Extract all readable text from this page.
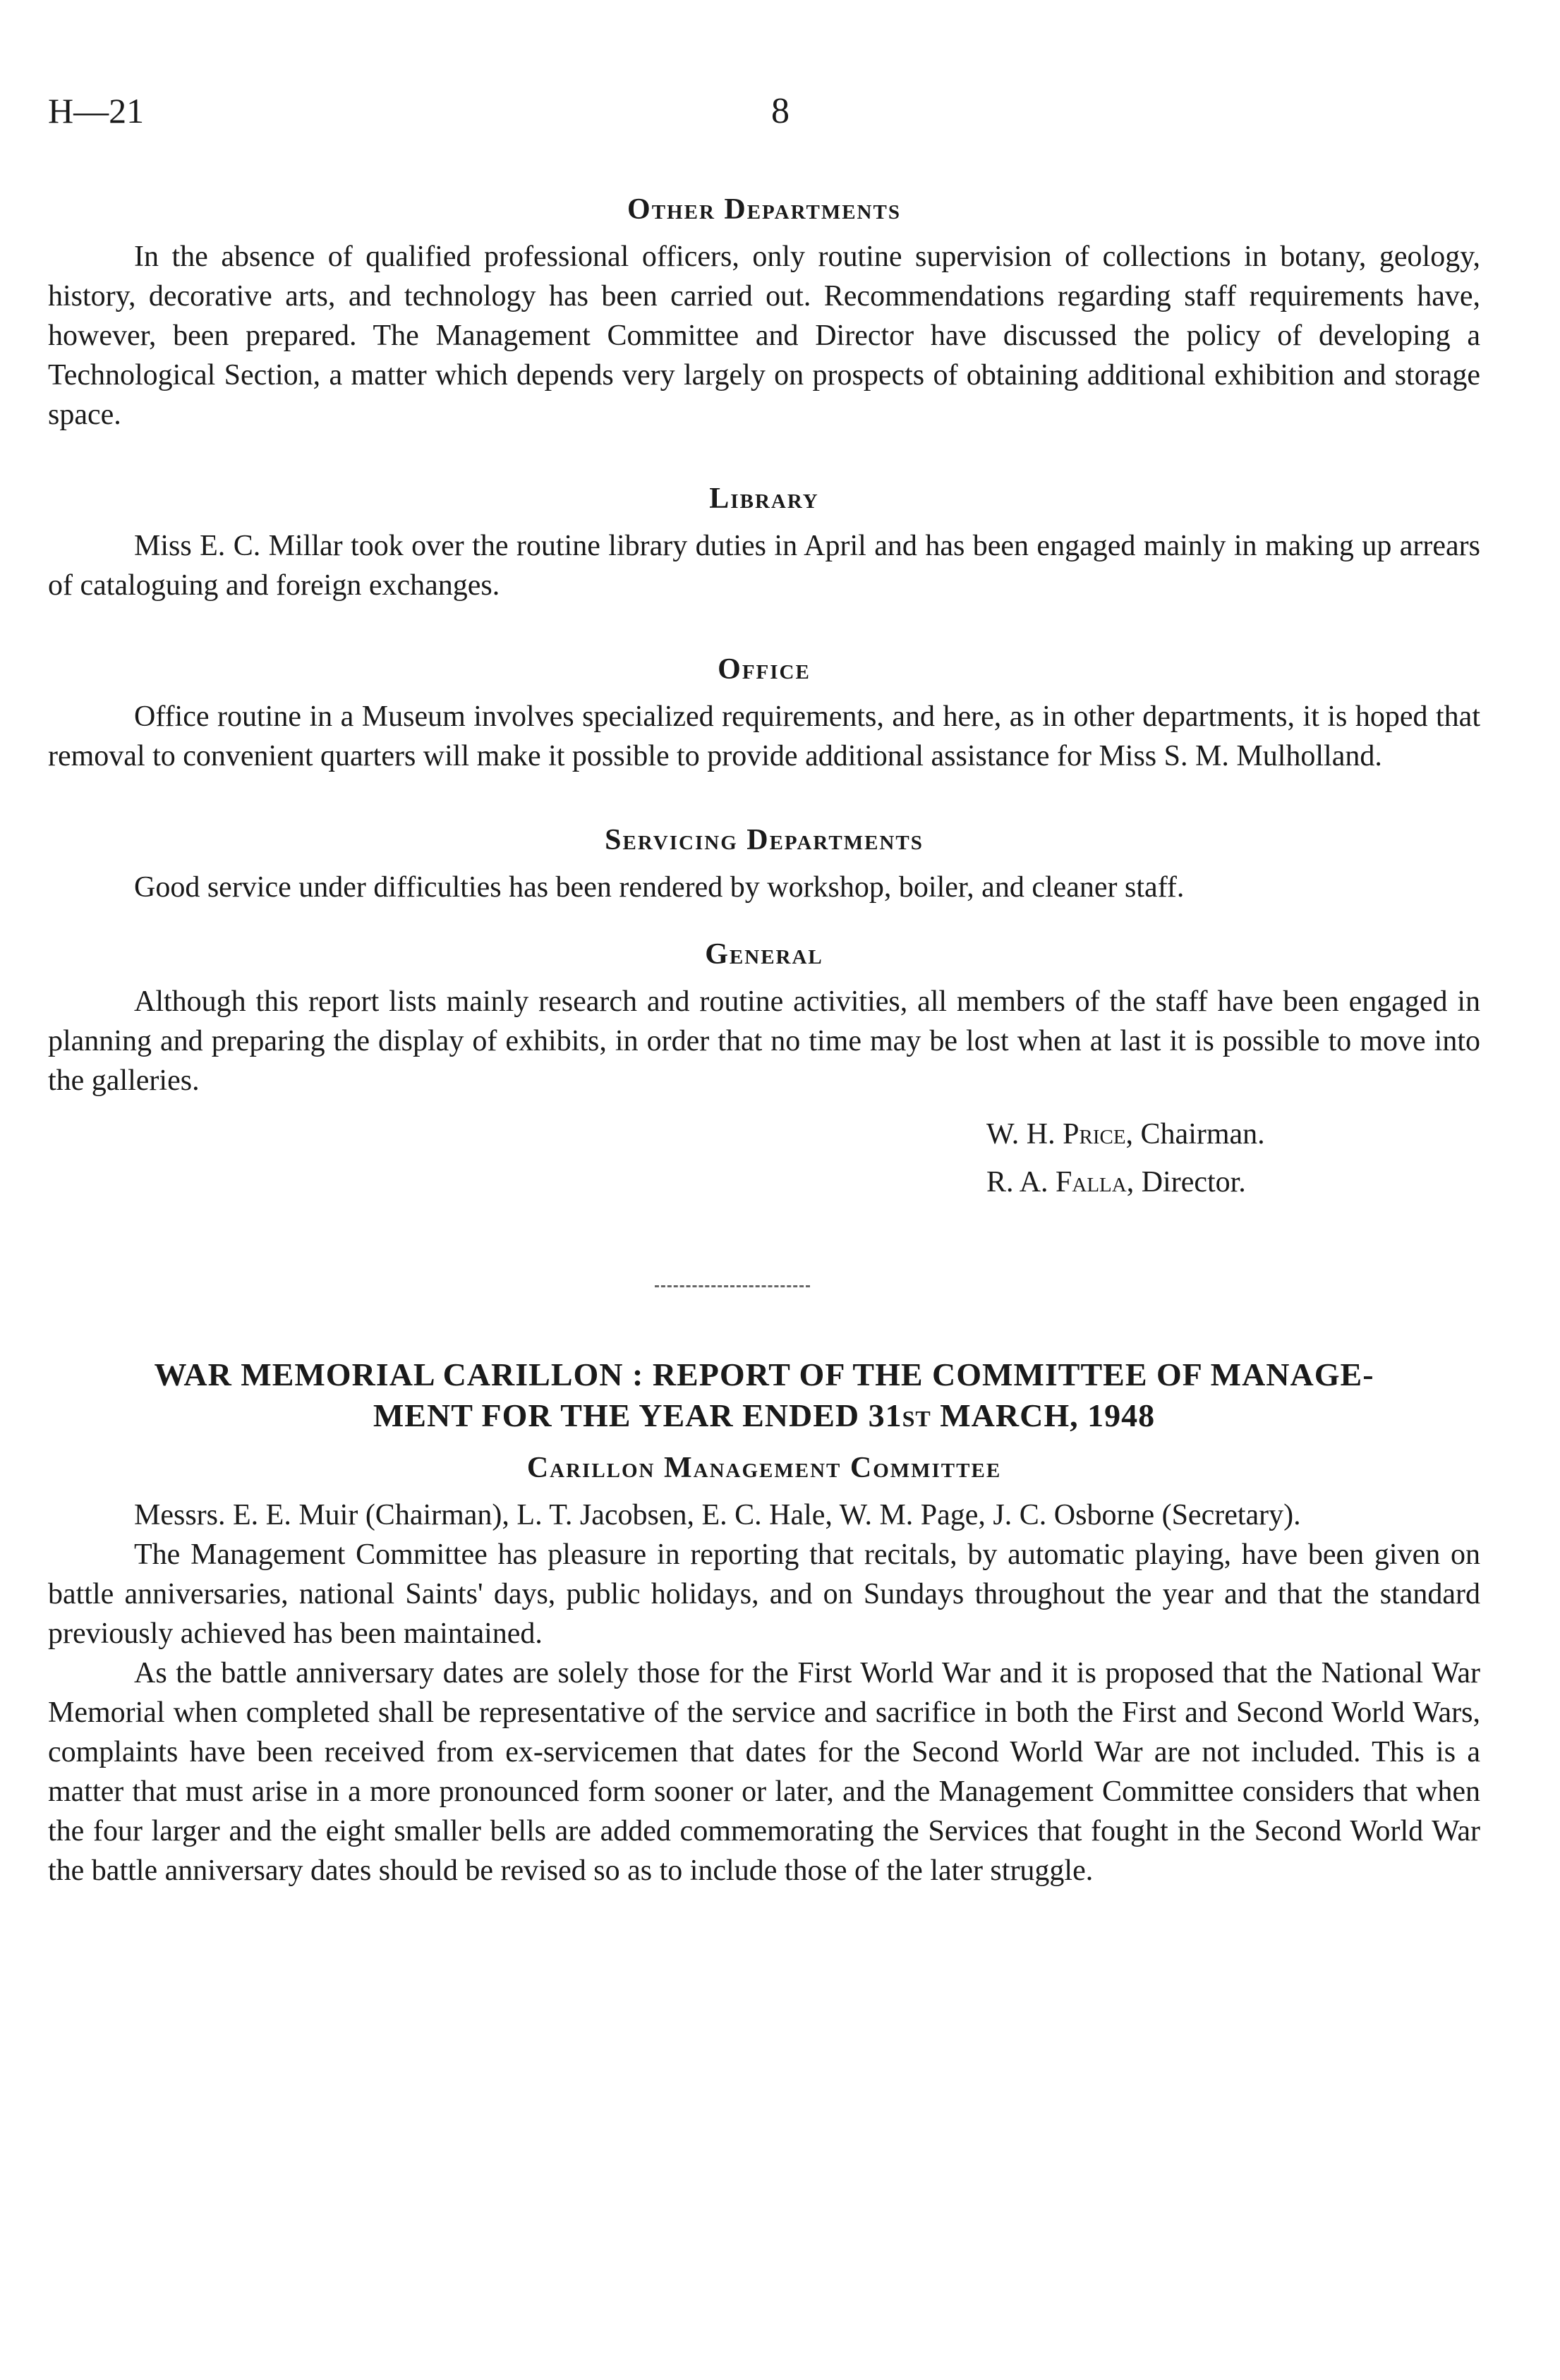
H—21	8
Other Departments

In the absence of qualified professional officers, only routine supervision of collections in botany, geology, history, decorative arts, and technology has been carried out. Recommendations regarding staff requirements have, however, been prepared. The Management Committee and Director have discussed the policy of developing a Technological Section, a matter which depends very largely on prospects of obtaining additional exhibition and storage space.

Library

Miss E. C. Millar took over the routine library duties in April and has been engaged mainly in making up arrears of cataloguing and foreign exchanges.

Office

Office routine in a Museum involves specialized requirements, and here, as in other departments, it is hoped that removal to convenient quarters will make it possible to provide additional assistance for Miss S. M. Mulholland.

Servicing Departments

Good service under difficulties has been rendered by workshop, boiler, and cleaner staff.

General

Although this report lists mainly research and routine activities, all members of the staff have been engaged in planning and preparing the display of exhibits, in order that no time may be lost when at last it is possible to move into the galleries.

W. H. Price, Chairman.
R. A. Falla, Director.
WAR MEMORIAL CARILLON : REPORT OF THE COMMITTEE OF MANAGE-
MENT FOR THE YEAR ENDED 31ST MARCH, 1948
Carillon Management Committee

Messrs. E. E. Muir (Chairman), L. T. Jacobsen, E. C. Hale, W. M. Page, J. C. Osborne (Secretary).

The Management Committee has pleasure in reporting that recitals, by automatic playing, have been given on battle anniversaries, national Saints' days, public holidays, and on Sundays throughout the year and that the standard previously achieved has been maintained.

As the battle anniversary dates are solely those for the First World War and it is proposed that the National War Memorial when completed shall be representative of the service and sacrifice in both the First and Second World Wars, complaints have been received from ex-servicemen that dates for the Second World War are not included. This is a matter that must arise in a more pronounced form sooner or later, and the Management Committee considers that when the four larger and the eight smaller bells are added commemorating the Services that fought in the Second World War the battle anniversary dates should be revised so as to include those of the later struggle.
